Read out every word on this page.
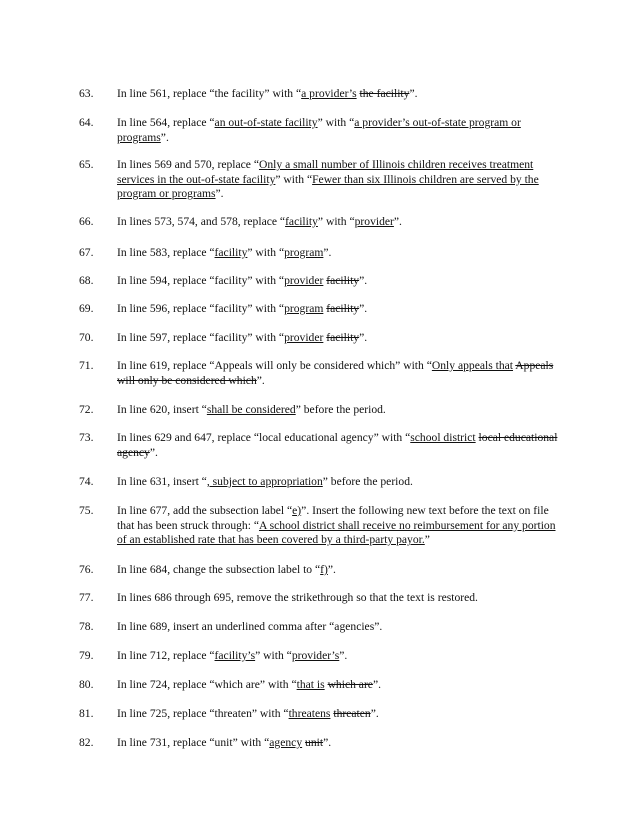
63. In line 561, replace “the facility” with “a provider’s the facility”.
64. In line 564, replace “an out-of-state facility” with “a provider’s out-of-state program or programs”.
65. In lines 569 and 570, replace “Only a small number of Illinois children receives treatment services in the out-of-state facility” with “Fewer than six Illinois children are served by the program or programs”.
66. In lines 573, 574, and 578, replace “facility” with “provider”.
67. In line 583, replace “facility” with “program”.
68. In line 594, replace “facility” with “provider facility”.
69. In line 596, replace “facility” with “program facility”.
70. In line 597, replace “facility” with “provider facility”.
71. In line 619, replace “Appeals will only be considered which” with “Only appeals that Appeals will only be considered which”.
72. In line 620, insert “shall be considered” before the period.
73. In lines 629 and 647, replace “local educational agency” with “school district local educational agency”.
74. In line 631, insert “, subject to appropriation” before the period.
75. In line 677, add the subsection label “e)”. Insert the following new text before the text on file that has been struck through: “A school district shall receive no reimbursement for any portion of an established rate that has been covered by a third-party payor.”
76. In line 684, change the subsection label to “f)”.
77. In lines 686 through 695, remove the strikethrough so that the text is restored.
78. In line 689, insert an underlined comma after “agencies”.
79. In line 712, replace “facility’s” with “provider’s”.
80. In line 724, replace “which are” with “that is which are”.
81. In line 725, replace “threaten” with “threatens threaten”.
82. In line 731, replace “unit” with “agency unit”.
